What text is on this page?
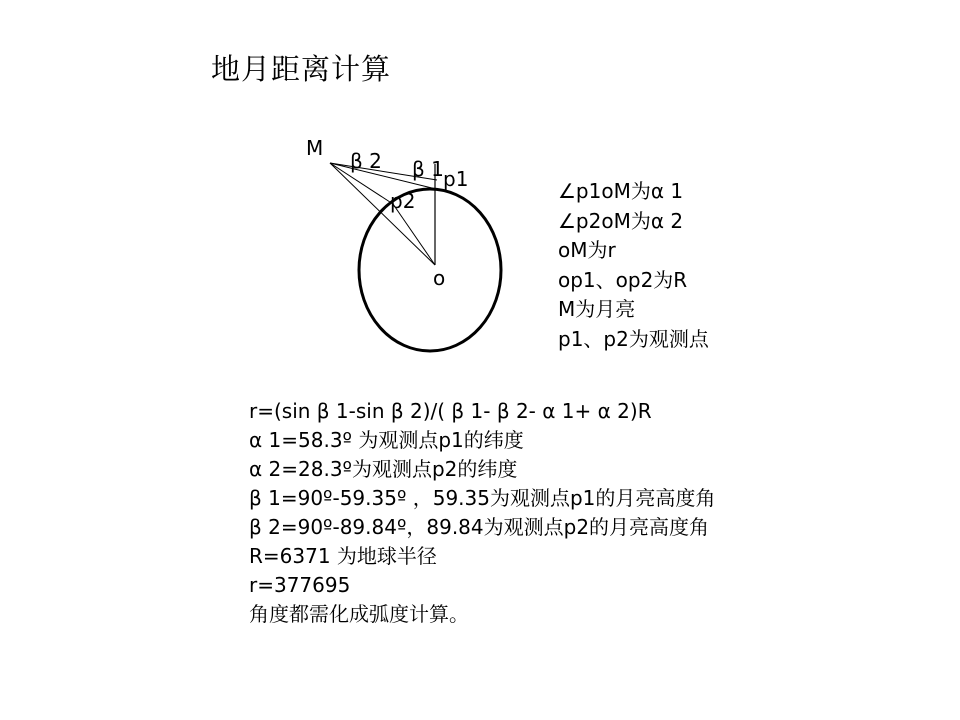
地月距离计算
M
β 2 β 1 p1
p2
o
∠p1oM为α 1
∠p2oM为α 2
oM为r
op1、op2为R
M为月亮
p1、p2为观测点
r=(sin β 1-sin β 2)/( β 1- β 2- α 1+ α 2)R
α 1=58.3º 为观测点p1的纬度
α 2=28.3º为观测点p2的纬度
β 1=90º-59.35º ，59.35为观测点p1的月亮高度角
β 2=90º-89.84º，89.84为观测点p2的月亮高度角
R=6371 为地球半径
r=377695
角度都需化成弧度计算。
